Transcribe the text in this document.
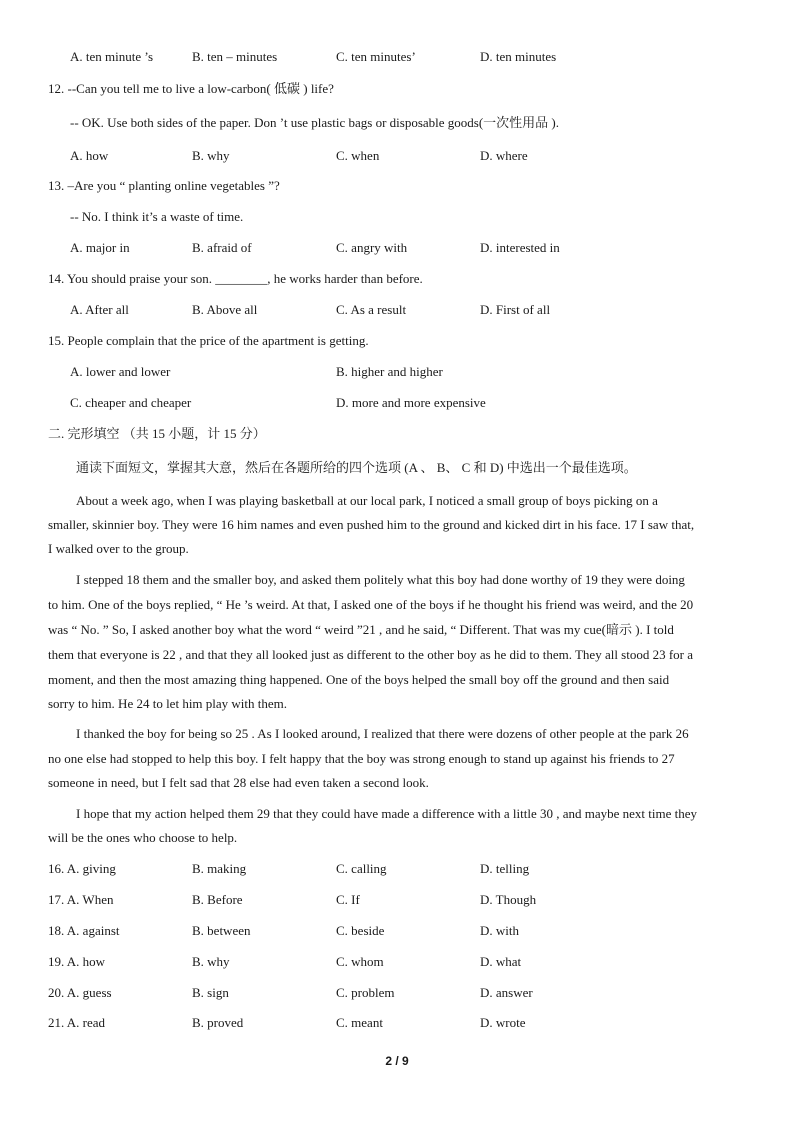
A. ten minute ’s	B. ten – minutes	C. ten minutes’	D. ten minutes
12. --Can you tell me to live a low-carbon( 低碳 ) life?
-- OK. Use both sides of the paper. Don ’t use plastic bags or disposable goods(一次性用品 ).
A. how	B. why	C. when	D. where
13. –Are you “ planting online vegetables ”?
-- No. I think it’s a waste of time.
A. major in	B. afraid of	C. angry with	D. interested in
14. You should praise your son. ________, he works harder than before.
A. After all	B. Above all	C. As a result	D. First of all
15. People complain that the price of the apartment is getting.
A. lower and lower	B. higher and higher
C. cheaper and cheaper	D. more and more expensive
二. 完形填空 （共 15 小题，计 15 分）
通读下面短文，掌握其大意，然后在各题所给的四个选项 (A 、 B、 C 和 D) 中选出一个最佳选项。
About a week ago, when I was playing basketball at our local park, I noticed a small group of boys picking on a
smaller, skinnier boy. They were 16 him names and even pushed him to the ground and kicked dirt in his face. 17 I saw that,
I walked over to the group.
I stepped 18 them and the smaller boy, and asked them politely what this boy had done worthy of 19 they were doing
to him. One of the boys replied, “ He ’s weird. At that, I asked one of the boys if he thought his friend was weird, and the 20
was “ No. ” So, I asked another boy what the word “ weird ”21 , and he said, “ Different. That was my cue(暗示 ). I told
them that everyone is 22 , and that they all looked just as different to the other boy as he did to them. They all stood 23 for a
moment, and then the most amazing thing happened. One of the boys helped the small boy off the ground and then said
sorry to him. He 24 to let him play with them.
I thanked the boy for being so 25 . As I looked around, I realized that there were dozens of other people at the park 26
no one else had stopped to help this boy. I felt happy that the boy was strong enough to stand up against his friends to 27
someone in need, but I felt sad that 28 else had even taken a second look.
I hope that my action helped them 29 that they could have made a difference with a little 30 , and maybe next time they
will be the ones who choose to help.
16. A. giving	B. making	C. calling	D. telling
17. A. When	B. Before	C. If	D. Though
18. A. against	B. between	C. beside	D. with
19. A. how	B. why	C. whom	D. what
20. A. guess	B. sign	C. problem	D. answer
21. A. read	B. proved	C. meant	D. wrote
2 / 9
